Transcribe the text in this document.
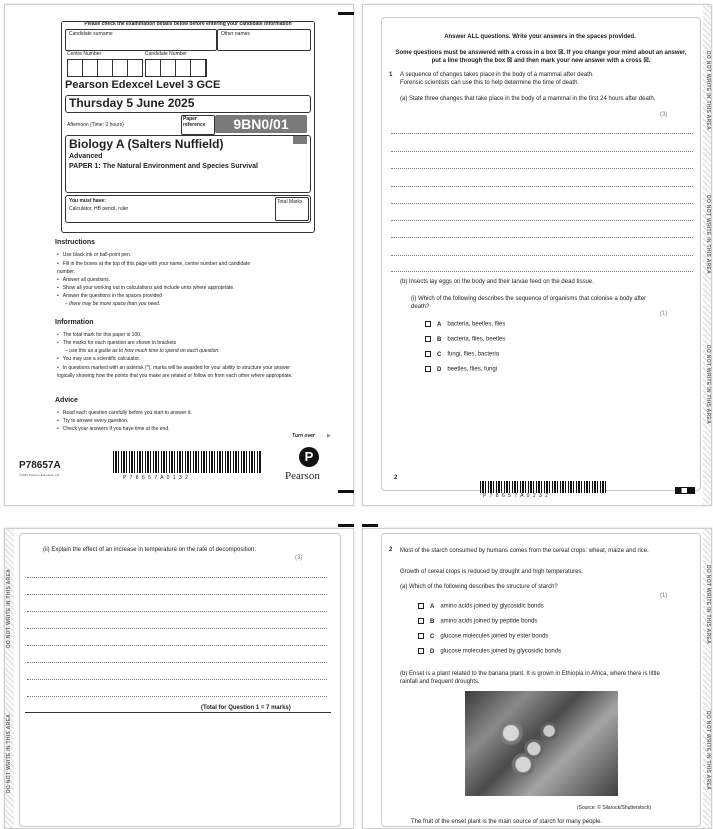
Please check the examination details below before entering your candidate information
Candidate surname	Other names
Centre Number	Candidate Number
Pearson Edexcel Level 3 GCE
Thursday 5 June 2025
Afternoon (Time: 2 hours)
Paper reference	9BN0/01
Biology A (Salters Nuffield)
Advanced
PAPER 1: The Natural Environment and Species Survival
You must have:
Calculator, HB pencil, ruler
Total Marks
Instructions
• Use black ink or ball-point pen.
• Fill in the boxes at the top of this page with your name, centre number and candidate number.
• Answer all questions.
• Show all your working out in calculations and include units where appropriate.
• Answer the questions in the spaces provided
– there may be more space than you need.
Information
• The total mark for this paper is 100.
• The marks for each question are shown in brackets
– use this as a guide as to how much time to spend on each question.
• You may use a scientific calculator.
• In questions marked with an asterisk (*), marks will be awarded for your ability to structure your answer logically showing how the points that you make are related or follow on from each other where appropriate.
Advice
• Read each question carefully before you start to answer it.
• Try to answer every question.
• Check your answers if you have time at the end.
Turn over ▶
P78657A
©2025 Pearson Education Ltd.	P 7 8 6 5 7 A 0 1 3 2
P
Pearson
DO NOT WRITE IN THIS AREA
DO NOT WRITE IN THIS AREA
DO NOT WRITE IN THIS AREA
Answer ALL questions. Write your answers in the spaces provided.
Some questions must be answered with a cross in a box ☒. If you change your mind about an answer, put a line through the box ☒ and then mark your new answer with a cross ☒.
1 A sequence of changes takes place in the body of a mammal after death.
Forensic scientists can use this to help determine the time of death.
(a) State three changes that take place in the body of a mammal in the first 24 hours after death.
(3)
(b) Insects lay eggs on the body and their larvae feed on the dead tissue.
(i) Which of the following describes the sequence of organisms that colonise a body after death?
(1)
A bacteria, beetles, flies
B bacteria, flies, beetles
C fungi, flies, bacteria
D beetles, flies, fungi
2
P 7 8 6 5 7 A 0 2 3 2
DO NOT WRITE IN THIS AREA
DO NOT WRITE IN THIS AREA
(ii) Explain the effect of an increase in temperature on the rate of decomposition.
(3)
(Total for Question 1 = 7 marks)
DO NOT WRITE IN THIS AREA
DO NOT WRITE IN THIS AREA
2 Most of the starch consumed by humans comes from the cereal crops: wheat, maize and rice.
Growth of cereal crops is reduced by drought and high temperatures.
(a) Which of the following describes the structure of starch?
(1)
A amino acids joined by glycosidic bonds
B amino acids joined by peptide bonds
C glucose molecules joined by ester bonds
D glucose molecules joined by glycosidic bonds
(b) Enset is a plant related to the banana plant. It is grown in Ethiopia in Africa, where there is little rainfall and frequent droughts.
(Source: © Silarock/Shutterstock)
The fruit of the enset plant is the main source of starch for many people.
